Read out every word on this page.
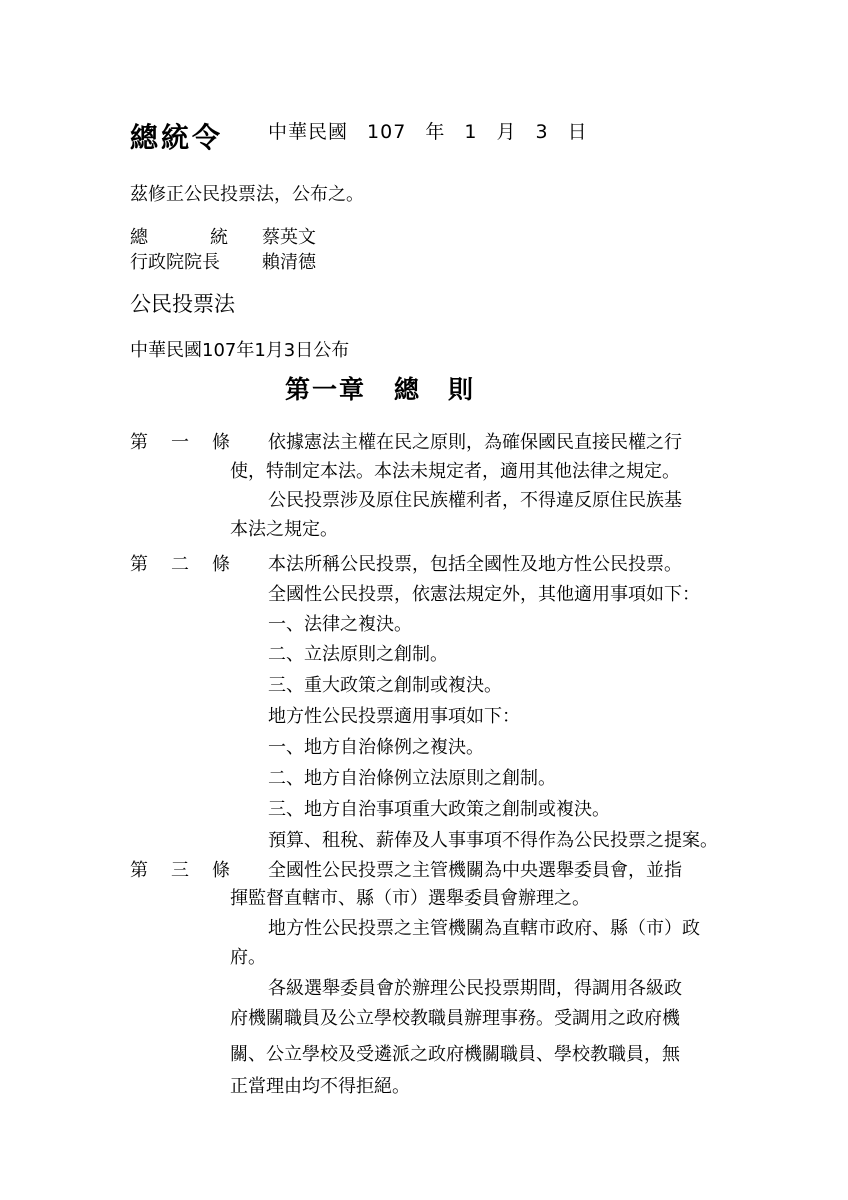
總統令 中華民國 107 年 1 月 3 日
茲修正公民投票法，公布之。
總	統 蔡英文
行政院院長 賴清德
公民投票法
中華民國107年1月3日公布
第一章 總　則
第 一 條 依據憲法主權在民之原則，為確保國民直接民權之行
使，特制定本法。本法未規定者，適用其他法律之規定。
公民投票涉及原住民族權利者，不得違反原住民族基
本法之規定。
第 二 條 本法所稱公民投票，包括全國性及地方性公民投票。
全國性公民投票，依憲法規定外，其他適用事項如下：
一、法律之複決。
二、立法原則之創制。
三、重大政策之創制或複決。
地方性公民投票適用事項如下：
一、地方自治條例之複決。
二、地方自治條例立法原則之創制。
三、地方自治事項重大政策之創制或複決。
預算、租稅、薪俸及人事事項不得作為公民投票之提案。
第 三 條 全國性公民投票之主管機關為中央選舉委員會，並指
揮監督直轄市、縣（市）選舉委員會辦理之。
地方性公民投票之主管機關為直轄市政府、縣（市）政
府。
各級選舉委員會於辦理公民投票期間，得調用各級政
府機關職員及公立學校教職員辦理事務。受調用之政府機
關、公立學校及受遴派之政府機關職員、學校教職員，無
正當理由均不得拒絕。
